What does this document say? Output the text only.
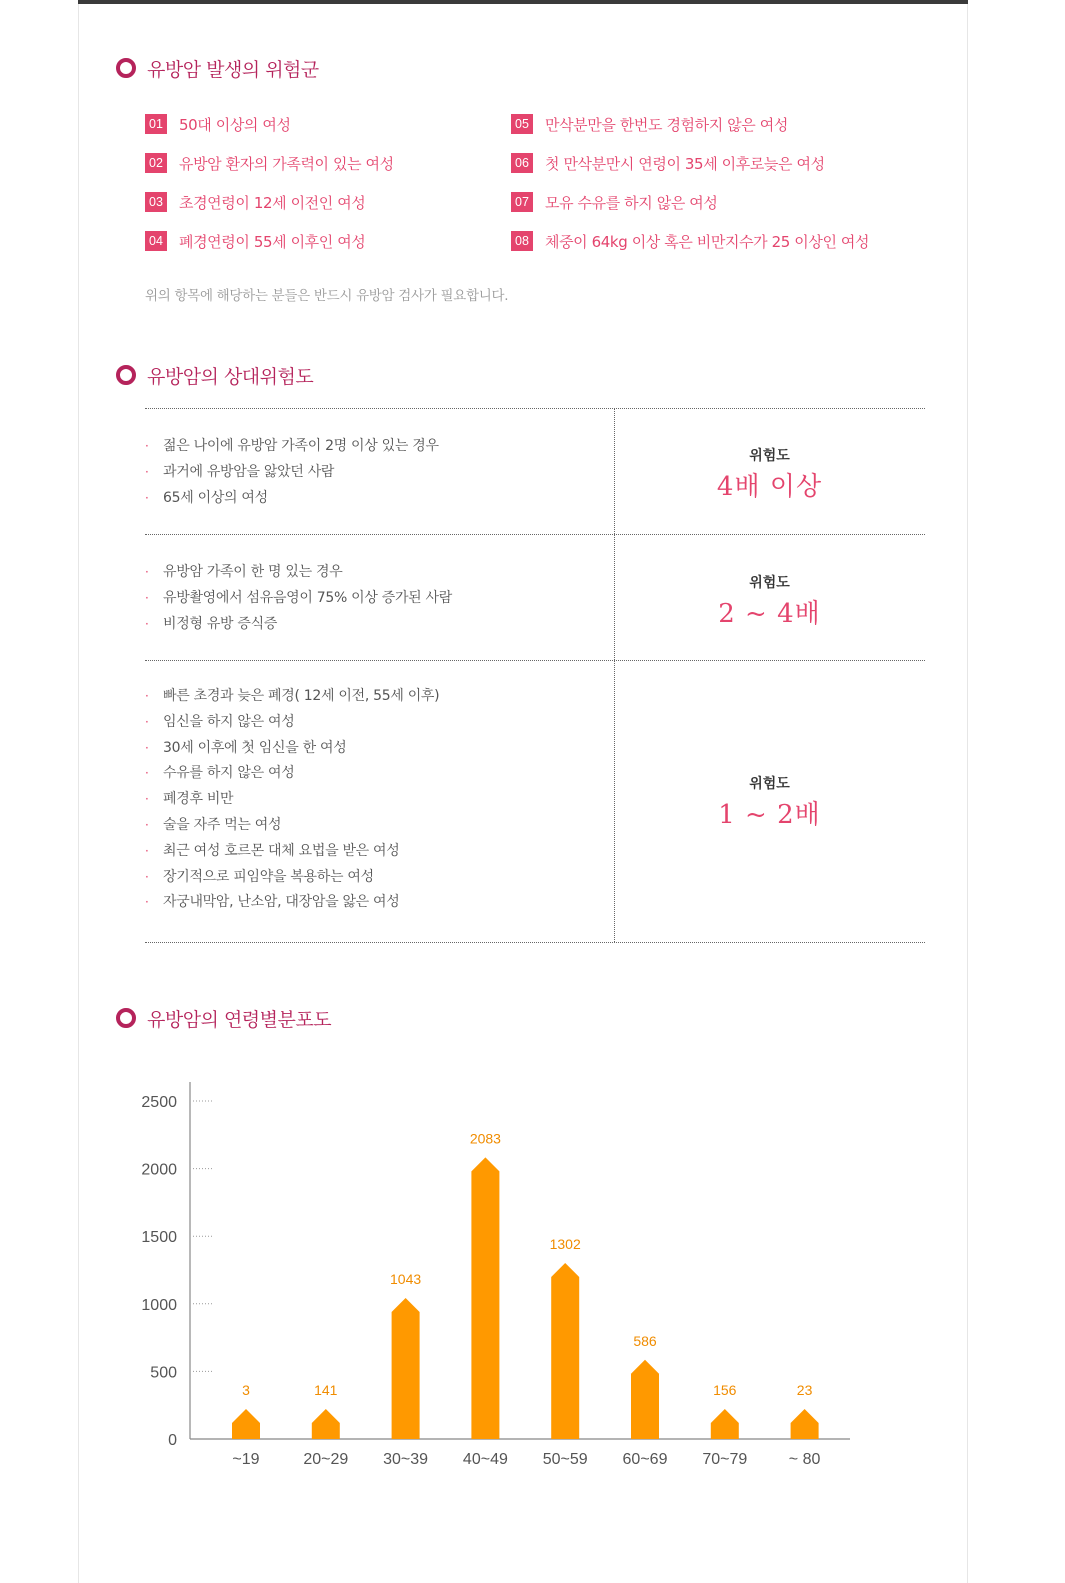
유방암 발생의 위험군
01 50대 이상의 여성
02 유방암 환자의 가족력이 있는 여성
03 초경연령이 12세 이전인 여성
04 폐경연령이 55세 이후인 여성
05 만삭분만을 한번도 경험하지 않은 여성
06 첫 만삭분만시 연령이 35세 이후로늦은 여성
07 모유 수유를 하지 않은 여성
08 체중이 64kg 이상 혹은 비만지수가 25 이상인 여성
위의 항목에 해당하는 분들은 반드시 유방암 검사가 필요합니다.
유방암의 상대위험도
· 젊은 나이에 유방암 가족이 2명 이상 있는 경우
· 과거에 유방암을 앓았던 사람
· 65세 이상의 여성
위험도
4배 이상
· 유방암 가족이 한 명 있는 경우
· 유방촬영에서 섬유음영이 75% 이상 증가된 사람
· 비정형 유방 증식증
위험도
2 ~ 4배
· 빠른 초경과 늦은 폐경( 12세 이전, 55세 이후)
· 임신을 하지 않은 여성
· 30세 이후에 첫 임신을 한 여성
· 수유를 하지 않은 여성
· 폐경후 비만
· 술을 자주 먹는 여성
· 최근 여성 호르몬 대체 요법을 받은 여성
· 장기적으로 피임약을 복용하는 여성
· 자궁내막암, 난소암, 대장암을 앓은 여성
위험도
1 ~ 2배
유방암의 연령별분포도
0
500
1000
1500
2000
2500
3
~19
141
20~29
1043
30~39
2083
40~49
1302
50~59
586
60~69
156
70~79
23
~ 80
